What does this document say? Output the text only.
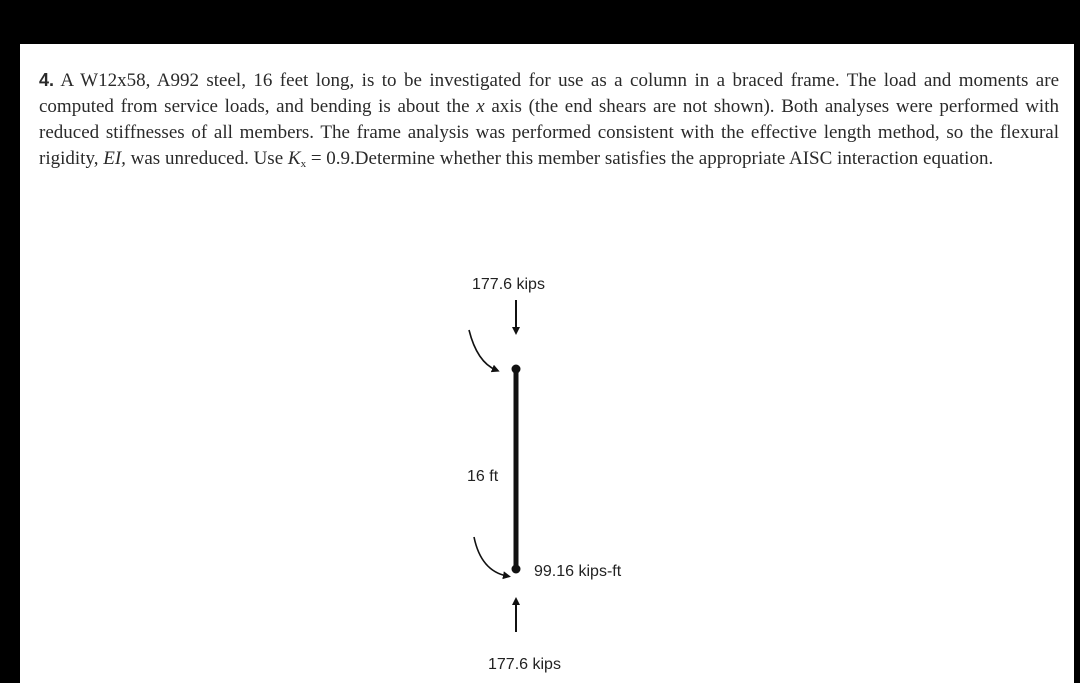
4. A W12x58, A992 steel, 16 feet long, is to be investigated for use as a column in a braced frame. The load and moments are computed from service loads, and bending is about the x axis (the end shears are not shown). Both analyses were performed with reduced stiffnesses of all members. The frame analysis was performed consistent with the effective length method, so the flexural rigidity, EI, was unreduced. Use $K_x$ = 0.9.Determine whether this member satisfies the appropriate AISC interaction equation.

177.6 kips
16 ft
99.16 kips-ft
177.6 kips
